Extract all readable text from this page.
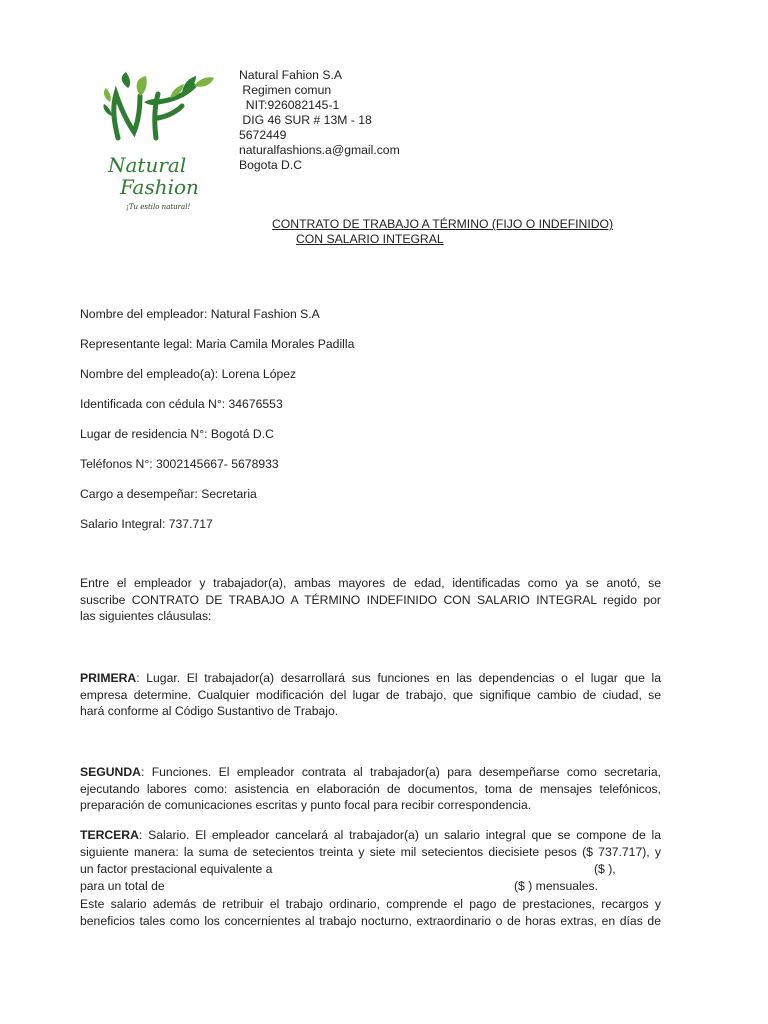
Natural
Fashion
¡Tu estilo natural!
Natural Fahion S.A
Regimen comun
NIT:926082145-1
DIG 46 SUR # 13M - 18
5672449
naturalfashions.a@gmail.com
Bogota D.C
CONTRATO DE TRABAJO A TÉRMINO (FIJO O INDEFINIDO)
CON SALARIO INTEGRAL
Nombre del empleador: Natural Fashion S.A
Representante legal: Maria Camila Morales Padilla
Nombre del empleado(a): Lorena López
Identificada con cédula N°: 34676553
Lugar de residencia N°: Bogotá D.C
Teléfonos N°: 3002145667- 5678933
Cargo a desempeñar: Secretaria
Salario Integral: 737.717
Entre el empleador y trabajador(a), ambas mayores de edad, identificadas como ya se anotó, se
suscribe CONTRATO DE TRABAJO A TÉRMINO INDEFINIDO CON SALARIO INTEGRAL regido por
las siguientes cláusulas:
PRIMERA: Lugar. El trabajador(a) desarrollará sus funciones en las dependencias o el lugar que la
empresa determine. Cualquier modificación del lugar de trabajo, que signifique cambio de ciudad, se
hará conforme al Código Sustantivo de Trabajo.
SEGUNDA: Funciones. El empleador contrata al trabajador(a) para desempeñarse como secretaria,
ejecutando labores como: asistencia en elaboración de documentos, toma de mensajes telefónicos,
preparación de comunicaciones escritas y punto focal para recibir correspondencia.
TERCERA: Salario. El empleador cancelará al trabajador(a) un salario integral que se compone de la
siguiente manera: la suma de setecientos treinta y siete mil setecientos diecisiete pesos ($ 737.717), y
un factor prestacional equivalente a	($ ),
para un total de	($ ) mensuales.
Este salario además de retribuir el trabajo ordinario, comprende el pago de prestaciones, recargos y
beneficios tales como los concernientes al trabajo nocturno, extraordinario o de horas extras, en días de
